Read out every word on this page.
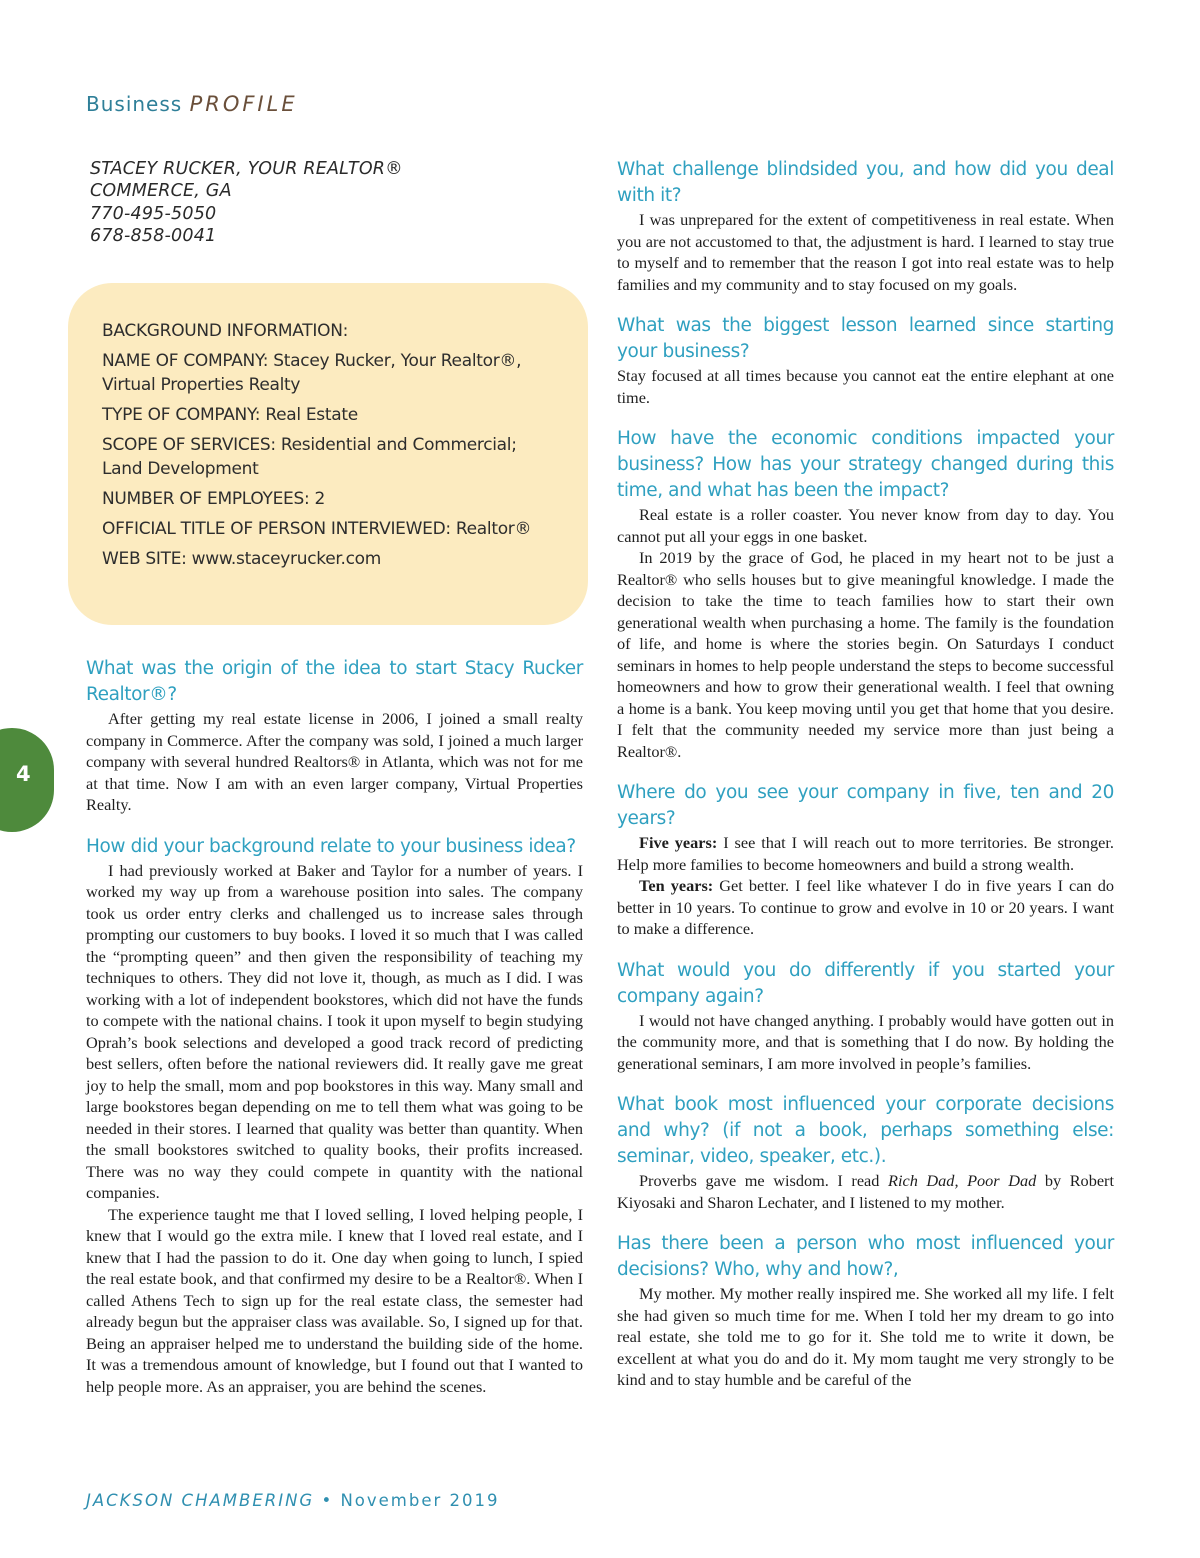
Business PROFILE
STACEY RUCKER, YOUR REALTOR®
COMMERCE, GA
770-495-5050
678-858-0041
BACKGROUND INFORMATION:
NAME OF COMPANY: Stacey Rucker, Your Realtor®,
Virtual Properties Realty
TYPE OF COMPANY: Real Estate
SCOPE OF SERVICES: Residential and Commercial;
Land Development
NUMBER OF EMPLOYEES: 2
OFFICIAL TITLE OF PERSON INTERVIEWED: Realtor®
WEB SITE: www.staceyrucker.com
What was the origin of the idea to start Stacy Rucker Realtor®?

After getting my real estate license in 2006, I joined a small realty company in Commerce. After the company was sold, I joined a much larger company with several hundred Realtors® in Atlanta, which was not for me at that time. Now I am with an even larger company, Virtual Properties Realty.

How did your background relate to your business idea?

I had previously worked at Baker and Taylor for a number of years. I worked my way up from a warehouse position into sales. The company took us order entry clerks and challenged us to increase sales through prompting our customers to buy books. I loved it so much that I was called the “prompting queen” and then given the responsibility of teaching my techniques to others. They did not love it, though, as much as I did. I was working with a lot of independent bookstores, which did not have the funds to compete with the national chains. I took it upon myself to begin studying Oprah’s book selections and developed a good track record of predicting best sellers, often before the national reviewers did. It really gave me great joy to help the small, mom and pop bookstores in this way. Many small and large bookstores began depending on me to tell them what was going to be needed in their stores. I learned that quality was better than quantity. When the small bookstores switched to quality books, their profits increased. There was no way they could compete in quantity with the national companies.

The experience taught me that I loved selling, I loved helping people, I knew that I would go the extra mile. I knew that I loved real estate, and I knew that I had the passion to do it. One day when going to lunch, I spied the real estate book, and that confirmed my desire to be a Realtor®. When I called Athens Tech to sign up for the real estate class, the semester had already begun but the appraiser class was available. So, I signed up for that. Being an appraiser helped me to understand the building side of the home. It was a tremendous amount of knowledge, but I found out that I wanted to help people more. As an appraiser, you are behind the scenes.

What challenge blindsided you, and how did you deal with it?

I was unprepared for the extent of competitiveness in real estate. When you are not accustomed to that, the adjustment is hard. I learned to stay true to myself and to remember that the reason I got into real estate was to help families and my community and to stay focused on my goals.

What was the biggest lesson learned since starting your business?

Stay focused at all times because you cannot eat the entire elephant at one time.

How have the economic conditions impacted your business? How has your strategy changed during this time, and what has been the impact?

Real estate is a roller coaster. You never know from day to day. You cannot put all your eggs in one basket.

In 2019 by the grace of God, he placed in my heart not to be just a Realtor® who sells houses but to give meaningful knowledge. I made the decision to take the time to teach families how to start their own generational wealth when purchasing a home. The family is the foundation of life, and home is where the stories begin. On Saturdays I conduct seminars in homes to help people understand the steps to become successful homeowners and how to grow their generational wealth. I feel that owning a home is a bank. You keep moving until you get that home that you desire. I felt that the community needed my service more than just being a Realtor®.

Where do you see your company in five, ten and 20 years?

Five years: I see that I will reach out to more territories. Be stronger. Help more families to become homeowners and build a strong wealth.

Ten years: Get better. I feel like whatever I do in five years I can do better in 10 years. To continue to grow and evolve in 10 or 20 years. I want to make a difference.

What would you do differently if you started your company again?

I would not have changed anything. I probably would have gotten out in the community more, and that is something that I do now. By holding the generational seminars, I am more involved in people’s families.

What book most influenced your corporate decisions and why? (if not a book, perhaps something else: seminar, video, speaker, etc.).

Proverbs gave me wisdom. I read Rich Dad, Poor Dad by Robert Kiyosaki and Sharon Lechater, and I listened to my mother.

Has there been a person who most influenced your decisions? Who, why and how?,

My mother. My mother really inspired me. She worked all my life. I felt she had given so much time for me. When I told her my dream to go into real estate, she told me to go for it. She told me to write it down, be excellent at what you do and do it. My mom taught me very strongly to be kind and to stay humble and be careful of the

4
JACKSON CHAMBERING • November 2019
